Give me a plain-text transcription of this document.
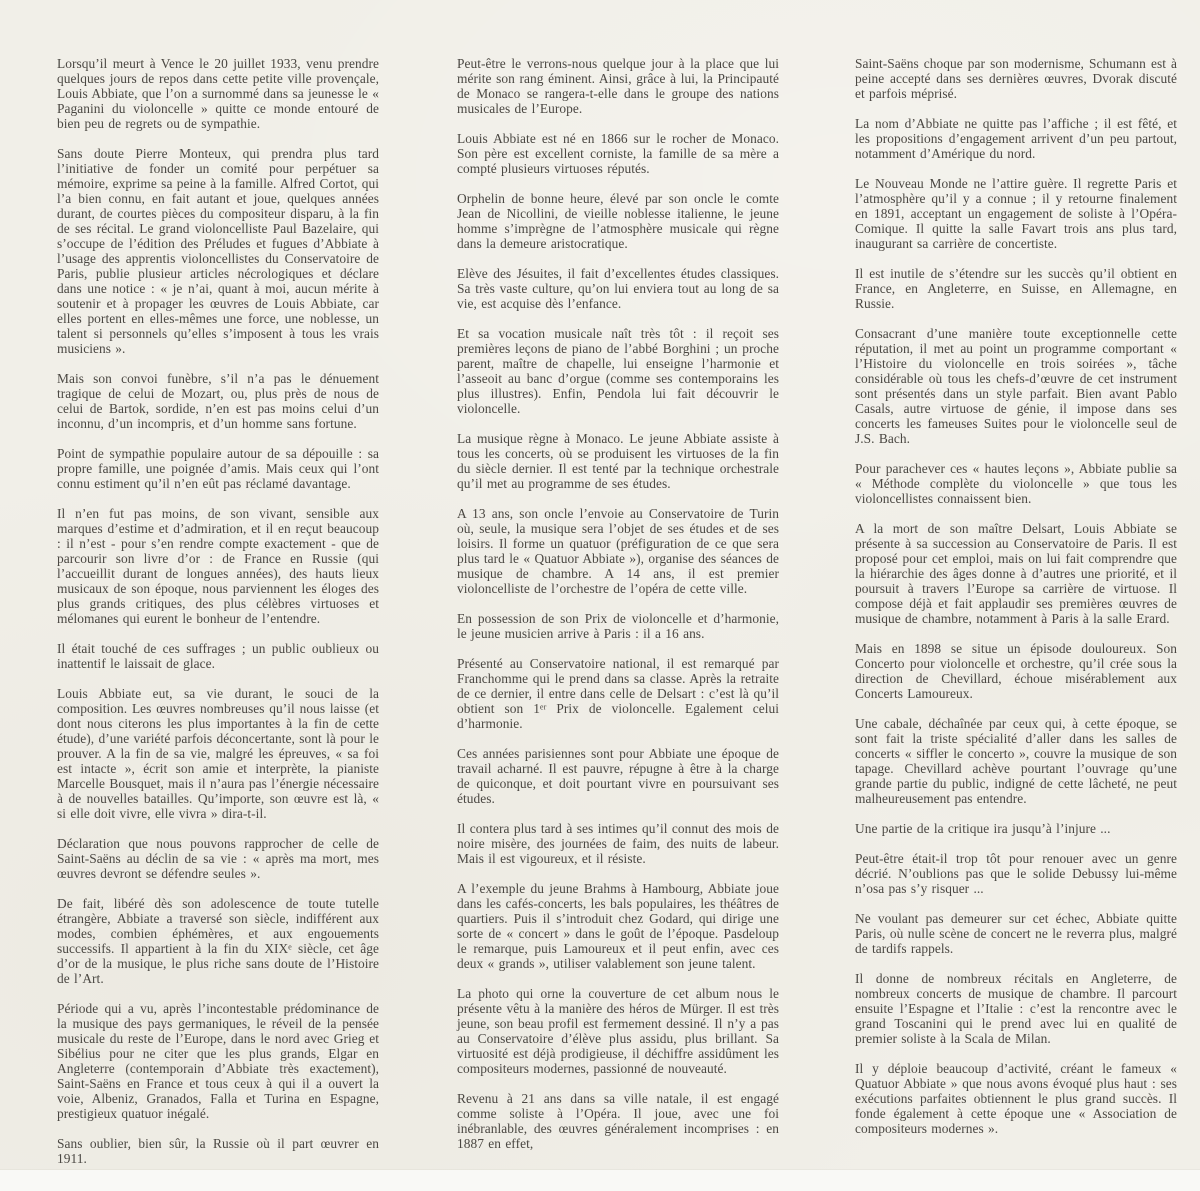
Lorsqu’il meurt à Vence le 20 juillet 1933, venu prendre quelques jours de repos dans cette petite ville provençale, Louis Abbiate, que l’on a surnommé dans sa jeunesse le « Paganini du violoncelle » quitte ce monde entouré de bien peu de regrets ou de sympathie.

Sans doute Pierre Monteux, qui prendra plus tard l’initiative de fonder un comité pour perpétuer sa mémoire, exprime sa peine à la famille. Alfred Cortot, qui l’a bien connu, en fait autant et joue, quelques années durant, de courtes pièces du compositeur disparu, à la fin de ses récital. Le grand violoncelliste Paul Bazelaire, qui s’occupe de l’édition des Préludes et fugues d’Abbiate à l’usage des apprentis violoncellistes du Conservatoire de Paris, publie plusieur articles nécrologiques et déclare dans une notice : « je n’ai, quant à moi, aucun mérite à soutenir et à propager les œuvres de Louis Abbiate, car elles portent en elles-mêmes une force, une noblesse, un talent si personnels qu’elles s’imposent à tous les vrais musiciens ».

Mais son convoi funèbre, s’il n’a pas le dénuement tragique de celui de Mozart, ou, plus près de nous de celui de Bartok, sordide, n’en est pas moins celui d’un inconnu, d’un incompris, et d’un homme sans fortune.

Point de sympathie populaire autour de sa dépouille : sa propre famille, une poignée d’amis. Mais ceux qui l’ont connu estiment qu’il n’en eût pas réclamé davantage.

Il n’en fut pas moins, de son vivant, sensible aux marques d’estime et d’admiration, et il en reçut beaucoup : il n’est - pour s’en rendre compte exactement - que de parcourir son livre d’or : de France en Russie (qui l’accueillit durant de longues années), des hauts lieux musicaux de son époque, nous parviennent les éloges des plus grands critiques, des plus célèbres virtuoses et mélomanes qui eurent le bonheur de l’entendre.

Il était touché de ces suffrages ; un public oublieux ou inattentif le laissait de glace.

Louis Abbiate eut, sa vie durant, le souci de la composition. Les œuvres nombreuses qu’il nous laisse (et dont nous citerons les plus importantes à la fin de cette étude), d’une variété parfois déconcertante, sont là pour le prouver. A la fin de sa vie, malgré les épreuves, « sa foi est intacte », écrit son amie et interprète, la pianiste Marcelle Bousquet, mais il n’aura pas l’énergie nécessaire à de nouvelles batailles. Qu’importe, son œuvre est là, « si elle doit vivre, elle vivra » dira-t-il.

Déclaration que nous pouvons rapprocher de celle de Saint-Saëns au déclin de sa vie : « après ma mort, mes œuvres devront se défendre seules ».

De fait, libéré dès son adolescence de toute tutelle étrangère, Abbiate a traversé son siècle, indifférent aux modes, combien éphémères, et aux engouements successifs. Il appartient à la fin du XIXᵉ siècle, cet âge d’or de la musique, le plus riche sans doute de l’Histoire de l’Art.

Période qui a vu, après l’incontestable prédominance de la musique des pays germaniques, le réveil de la pensée musicale du reste de l’Europe, dans le nord avec Grieg et Sibélius pour ne citer que les plus grands, Elgar en Angleterre (contemporain d’Abbiate très exactement), Saint-Saëns en France et tous ceux à qui il a ouvert la voie, Albeniz, Granados, Falla et Turina en Espagne, prestigieux quatuor inégalé.

Sans oublier, bien sûr, la Russie où il part œuvrer en 1911.

Peut-être le verrons-nous quelque jour à la place que lui mérite son rang éminent. Ainsi, grâce à lui, la Principauté de Monaco se rangera-t-elle dans le groupe des nations musicales de l’Europe.

Louis Abbiate est né en 1866 sur le rocher de Monaco. Son père est excellent corniste, la famille de sa mère a compté plusieurs virtuoses réputés.

Orphelin de bonne heure, élevé par son oncle le comte Jean de Nicollini, de vieille noblesse italienne, le jeune homme s’imprègne de l’atmosphère musicale qui règne dans la demeure aristocratique.

Elève des Jésuites, il fait d’excellentes études classiques. Sa très vaste culture, qu’on lui enviera tout au long de sa vie, est acquise dès l’enfance.

Et sa vocation musicale naît très tôt : il reçoit ses premières leçons de piano de l’abbé Borghini ; un proche parent, maître de chapelle, lui enseigne l’harmonie et l’asseoit au banc d’orgue (comme ses contemporains les plus illustres). Enfin, Pendola lui fait découvrir le violoncelle.

La musique règne à Monaco. Le jeune Abbiate assiste à tous les concerts, où se produisent les virtuoses de la fin du siècle dernier. Il est tenté par la technique orchestrale qu’il met au programme de ses études.

A 13 ans, son oncle l’envoie au Conservatoire de Turin où, seule, la musique sera l’objet de ses études et de ses loisirs. Il forme un quatuor (préfiguration de ce que sera plus tard le « Quatuor Abbiate »), organise des séances de musique de chambre. A 14 ans, il est premier violoncelliste de l’orchestre de l’opéra de cette ville.

En possession de son Prix de violoncelle et d’harmonie, le jeune musicien arrive à Paris : il a 16 ans.

Présenté au Conservatoire national, il est remarqué par Franchomme qui le prend dans sa classe. Après la retraite de ce dernier, il entre dans celle de Delsart : c’est là qu’il obtient son 1ᵉʳ Prix de violoncelle. Egalement celui d’harmonie.

Ces années parisiennes sont pour Abbiate une époque de travail acharné. Il est pauvre, répugne à être à la charge de quiconque, et doit pourtant vivre en poursuivant ses études.

Il contera plus tard à ses intimes qu’il connut des mois de noire misère, des journées de faim, des nuits de labeur. Mais il est vigoureux, et il résiste.

A l’exemple du jeune Brahms à Hambourg, Abbiate joue dans les cafés-concerts, les bals populaires, les théâtres de quartiers. Puis il s’introduit chez Godard, qui dirige une sorte de « concert » dans le goût de l’époque. Pasdeloup le remarque, puis Lamoureux et il peut enfin, avec ces deux « grands », utiliser valablement son jeune talent.

La photo qui orne la couverture de cet album nous le présente vêtu à la manière des héros de Mürger. Il est très jeune, son beau profil est fermement dessiné. Il n’y a pas au Conservatoire d’élève plus assidu, plus brillant. Sa virtuosité est déjà prodigieuse, il déchiffre assidûment les compositeurs modernes, passionné de nouveauté.

Revenu à 21 ans dans sa ville natale, il est engagé comme soliste à l’Opéra. Il joue, avec une foi inébranlable, des œuvres généralement incomprises : en 1887 en effet,

Saint-Saëns choque par son modernisme, Schumann est à peine accepté dans ses dernières œuvres, Dvorak discuté et parfois méprisé.

La nom d’Abbiate ne quitte pas l’affiche ; il est fêté, et les propositions d’engagement arrivent d’un peu partout, notamment d’Amérique du nord.

Le Nouveau Monde ne l’attire guère. Il regrette Paris et l’atmosphère qu’il y a connue ; il y retourne finalement en 1891, acceptant un engagement de soliste à l’Opéra-Comique. Il quitte la salle Favart trois ans plus tard, inaugurant sa carrière de concertiste.

Il est inutile de s’étendre sur les succès qu’il obtient en France, en Angleterre, en Suisse, en Allemagne, en Russie.

Consacrant d’une manière toute exceptionnelle cette réputation, il met au point un programme comportant « l’Histoire du violoncelle en trois soirées », tâche considérable où tous les chefs-d’œuvre de cet instrument sont présentés dans un style parfait. Bien avant Pablo Casals, autre virtuose de génie, il impose dans ses concerts les fameuses Suites pour le violoncelle seul de J.S. Bach.

Pour parachever ces « hautes leçons », Abbiate publie sa « Méthode complète du violoncelle » que tous les violoncellistes connaissent bien.

A la mort de son maître Delsart, Louis Abbiate se présente à sa succession au Conservatoire de Paris. Il est proposé pour cet emploi, mais on lui fait comprendre que la hiérarchie des âges donne à d’autres une priorité, et il poursuit à travers l’Europe sa carrière de virtuose. Il compose déjà et fait applaudir ses premières œuvres de musique de chambre, notamment à Paris à la salle Erard.

Mais en 1898 se situe un épisode douloureux. Son Concerto pour violoncelle et orchestre, qu’il crée sous la direction de Chevillard, échoue misérablement aux Concerts Lamoureux.

Une cabale, déchaînée par ceux qui, à cette époque, se sont fait la triste spécialité d’aller dans les salles de concerts « siffler le concerto », couvre la musique de son tapage. Chevillard achève pourtant l’ouvrage qu’une grande partie du public, indigné de cette lâcheté, ne peut malheureusement pas entendre.

Une partie de la critique ira jusqu’à l’injure ...

Peut-être était-il trop tôt pour renouer avec un genre décrié. N’oublions pas que le solide Debussy lui-même n’osa pas s’y risquer ...

Ne voulant pas demeurer sur cet échec, Abbiate quitte Paris, où nulle scène de concert ne le reverra plus, malgré de tardifs rappels.

Il donne de nombreux récitals en Angleterre, de nombreux concerts de musique de chambre. Il parcourt ensuite l’Espagne et l’Italie : c’est la rencontre avec le grand Toscanini qui le prend avec lui en qualité de premier soliste à la Scala de Milan.

Il y déploie beaucoup d’activité, créant le fameux « Quatuor Abbiate » que nous avons évoqué plus haut : ses exécutions parfaites obtiennent le plus grand succès. Il fonde également à cette époque une « Association de compositeurs modernes ».
